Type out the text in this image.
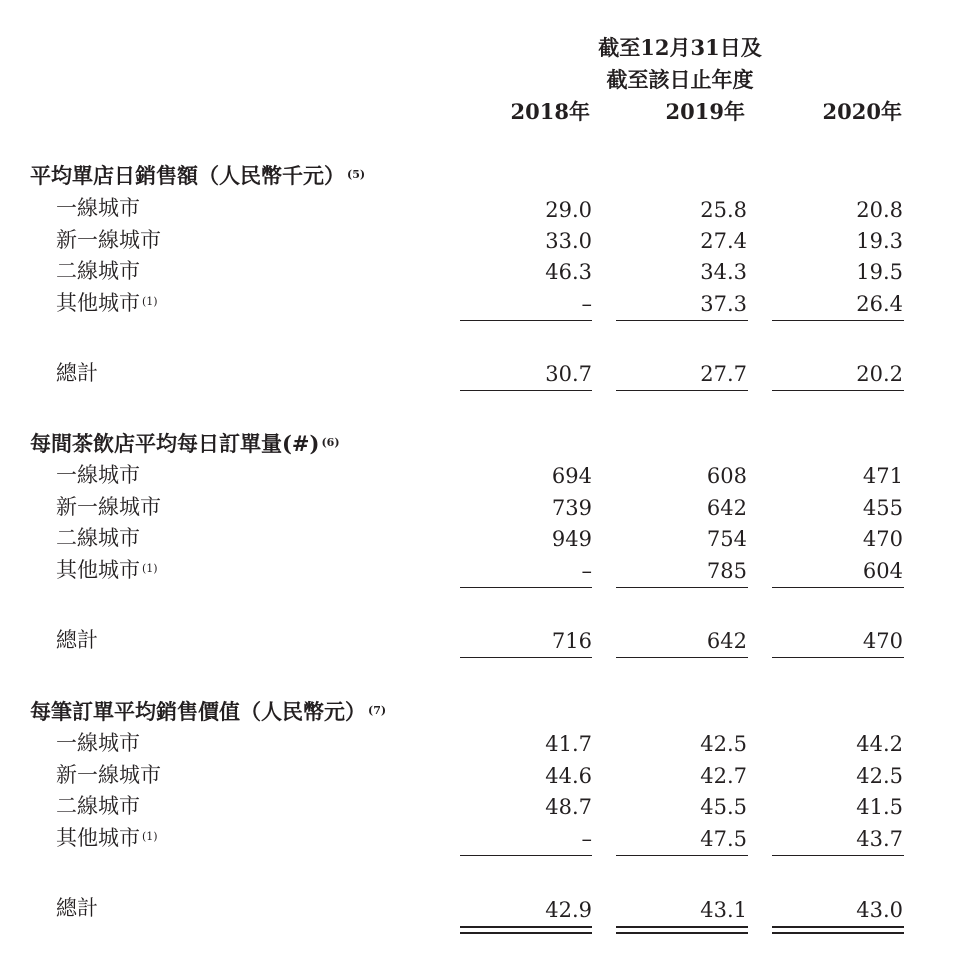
截至12月31日及
截至該日止年度
2018年	2019年	2020年
平均單店日銷售額（人民幣千元） $^{(5)}$
一線城市	29.0	25.8	20.8
新一線城市	33.0	27.4	19.3
二線城市	46.3	34.3	19.5
其他城市 $^{(1)}$	–	37.3	26.4
總計	30.7	27.7	20.2
每間茶飲店平均每日訂單量(#) $^{(6)}$
一線城市	694	608	471
新一線城市	739	642	455
二線城市	949	754	470
其他城市 $^{(1)}$	–	785	604
總計	716	642	470
每筆訂單平均銷售價值（人民幣元） $^{(7)}$
一線城市	41.7	42.5	44.2
新一線城市	44.6	42.7	42.5
二線城市	48.7	45.5	41.5
其他城市 $^{(1)}$	–	47.5	43.7
總計	42.9	43.1	43.0
